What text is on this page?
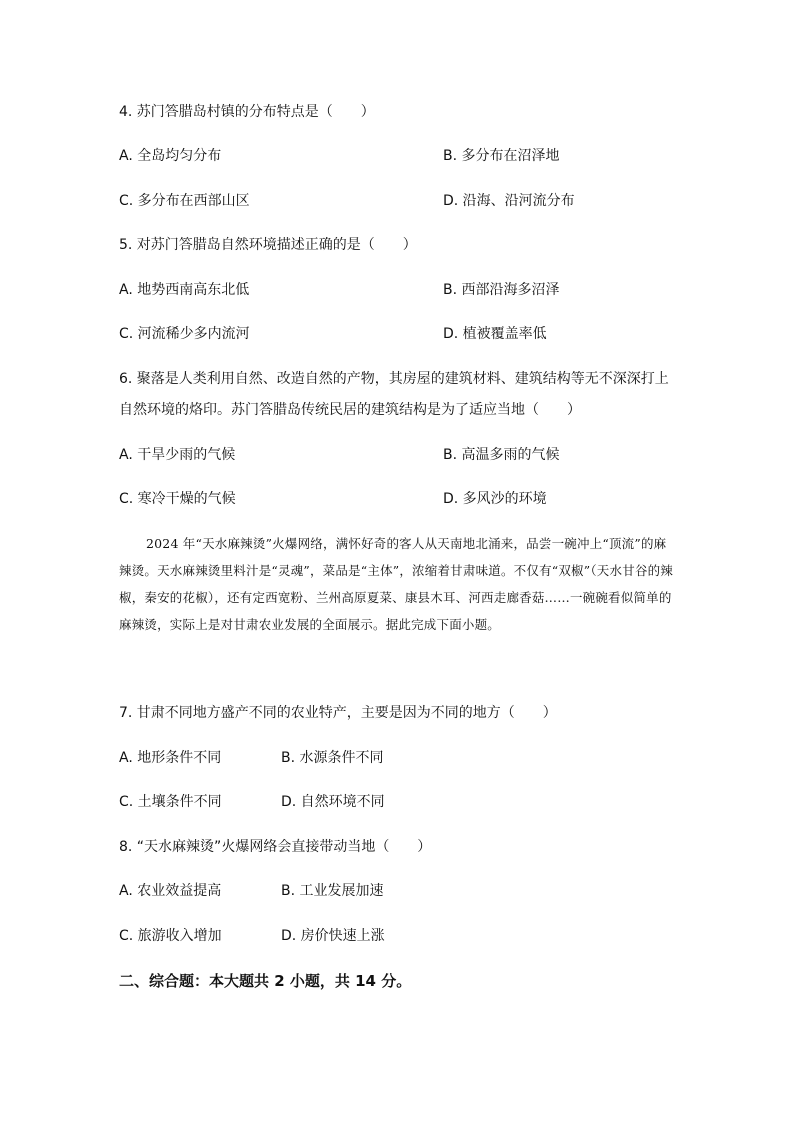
4. 苏门答腊岛村镇的分布特点是（　　）
A. 全岛均匀分布	B. 多分布在沼泽地
C. 多分布在西部山区	D. 沿海、沿河流分布
5. 对苏门答腊岛自然环境描述正确的是（　　）
A. 地势西南高东北低	B. 西部沿海多沼泽
C. 河流稀少多内流河	D. 植被覆盖率低
6. 聚落是人类利用自然、改造自然的产物，其房屋的建筑材料、建筑结构等无不深深打上
自然环境的烙印。苏门答腊岛传统民居的建筑结构是为了适应当地（　　）
A. 干旱少雨的气候	B. 高温多雨的气候
C. 寒冷干燥的气候	D. 多风沙的环境
2024 年“天水麻辣烫”火爆网络，满怀好奇的客人从天南地北涌来，品尝一碗冲上“顶流”的麻辣烫。天水麻辣烫里料汁是“灵魂”，菜品是“主体”，浓缩着甘肃味道。不仅有“双椒”（天水甘谷的辣椒，秦安的花椒），还有定西宽粉、兰州高原夏菜、康县木耳、河西走廊香菇……一碗碗看似简单的麻辣烫，实际上是对甘肃农业发展的全面展示。据此完成下面小题。
7. 甘肃不同地方盛产不同的农业特产，主要是因为不同的地方（　　）
A. 地形条件不同	B. 水源条件不同
C. 土壤条件不同	D. 自然环境不同
8. “天水麻辣烫”火爆网络会直接带动当地（　　）
A. 农业效益提高	B. 工业发展加速
C. 旅游收入增加	D. 房价快速上涨
二、综合题：本大题共 2 小题，共 14 分。
